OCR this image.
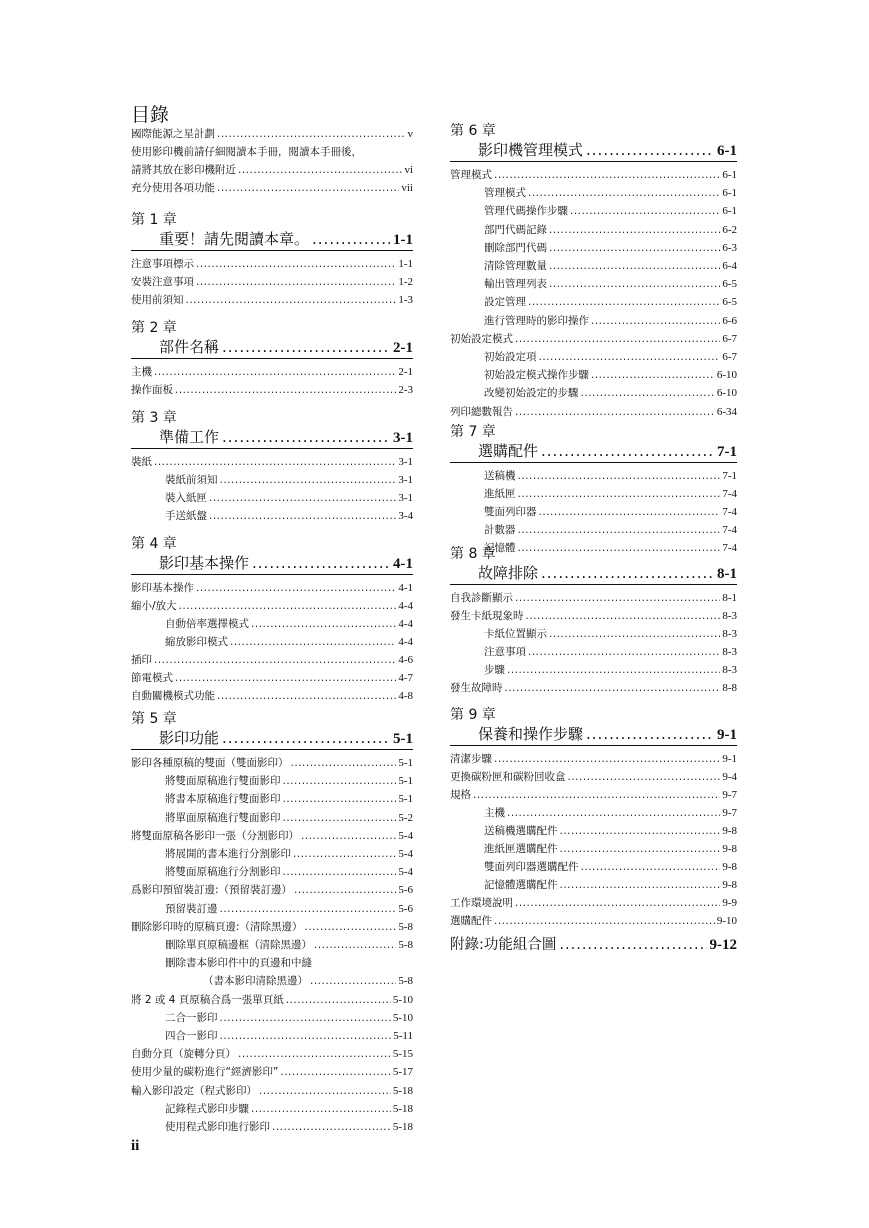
目錄
國際能源之星計劃 .....	v
使用影印機前請仔細閱讀本手冊，閱讀本手冊後，
請將其放在影印機附近 .....	vi
充分使用各項功能 .....	vii
第 1 章
重要！請先閱讀本章。 .....	1-1
注意事項標示 .....	1-1
安裝注意事項 .....	1-2
使用前須知 .....	1-3
第 2 章
部件名稱 .....	2-1
主機 .....	2-1
操作面板 .....	2-3
第 3 章
準備工作 .....	3-1
裝紙 .....	3-1
裝紙前須知 .....	3-1
裝入紙匣 .....	3-1
手送紙盤 .....	3-4
第 4 章
影印基本操作 .....	4-1
影印基本操作 .....	4-1
縮小/放大 .....	4-4
自動倍率選擇模式 .....	4-4
縮放影印模式 .....	4-4
插印 .....	4-6
節電模式 .....	4-7
自動關機模式功能 .....	4-8
第 5 章
影印功能 .....	5-1
影印各種原稿的雙面（雙面影印） .....	5-1
將雙面原稿進行雙面影印 .....	5-1
將書本原稿進行雙面影印 .....	5-1
將單面原稿進行雙面影印 .....	5-2
將雙面原稿各影印一張（分割影印） .....	5-4
將展開的書本進行分割影印 .....	5-4
將雙面原稿進行分割影印 .....	5-4
爲影印預留裝訂邊:（預留裝訂邊） .....	5-6
預留裝訂邊 .....	5-6
刪除影印時的原稿頁邊:（清除黑邊） .....	5-8
刪除單頁原稿邊框（清除黑邊） .....	5-8
刪除書本影印件中的頁邊和中縫
（書本影印清除黑邊） .....	5-8
將 2 或 4 頁原稿合爲一張單頁紙 .....	5-10
二合一影印 .....	5-10
四合一影印 .....	5-11
自動分頁（旋轉分頁） .....	5-15
使用少量的碳粉進行“經濟影印” .....	5-17
輸入影印設定（程式影印） .....	5-18
記錄程式影印步驟 .....	5-18
使用程式影印進行影印 .....	5-18
第 6 章
影印機管理模式 .....	6-1
管理模式 .....	6-1
管理模式 .....	6-1
管理代碼操作步驟 .....	6-1
部門代碼記錄 .....	6-2
刪除部門代碼 .....	6-3
清除管理數量 .....	6-4
輸出管理列表 .....	6-5
設定管理 .....	6-5
進行管理時的影印操作 .....	6-6
初始設定模式 .....	6-7
初始設定項 .....	6-7
初始設定模式操作步驟 .....	6-10
改變初始設定的步驟 .....	6-10
列印總數報告 .....	6-34
第 7 章
選購配件 .....	7-1
送稿機 .....	7-1
進紙匣 .....	7-4
雙面列印器 .....	7-4
計數器 .....	7-4
記憶體 .....	7-4
第 8 章
故障排除 .....	8-1
自我診斷顯示 .....	8-1
發生卡紙現象時 .....	8-3
卡紙位置顯示 .....	8-3
注意事項 .....	8-3
步驟 .....	8-3
發生故障時 .....	8-8
第 9 章
保養和操作步驟 .....	9-1
清潔步驟 .....	9-1
更換碳粉匣和碳粉回收盒 .....	9-4
規格 .....	9-7
主機 .....	9-7
送稿機選購配件 .....	9-8
進紙匣選購配件 .....	9-8
雙面列印器選購配件 .....	9-8
記憶體選購配件 .....	9-8
工作環境說明 .....	9-9
選購配件 .....	9-10
附錄:功能組合圖 .....	9-12
ii
